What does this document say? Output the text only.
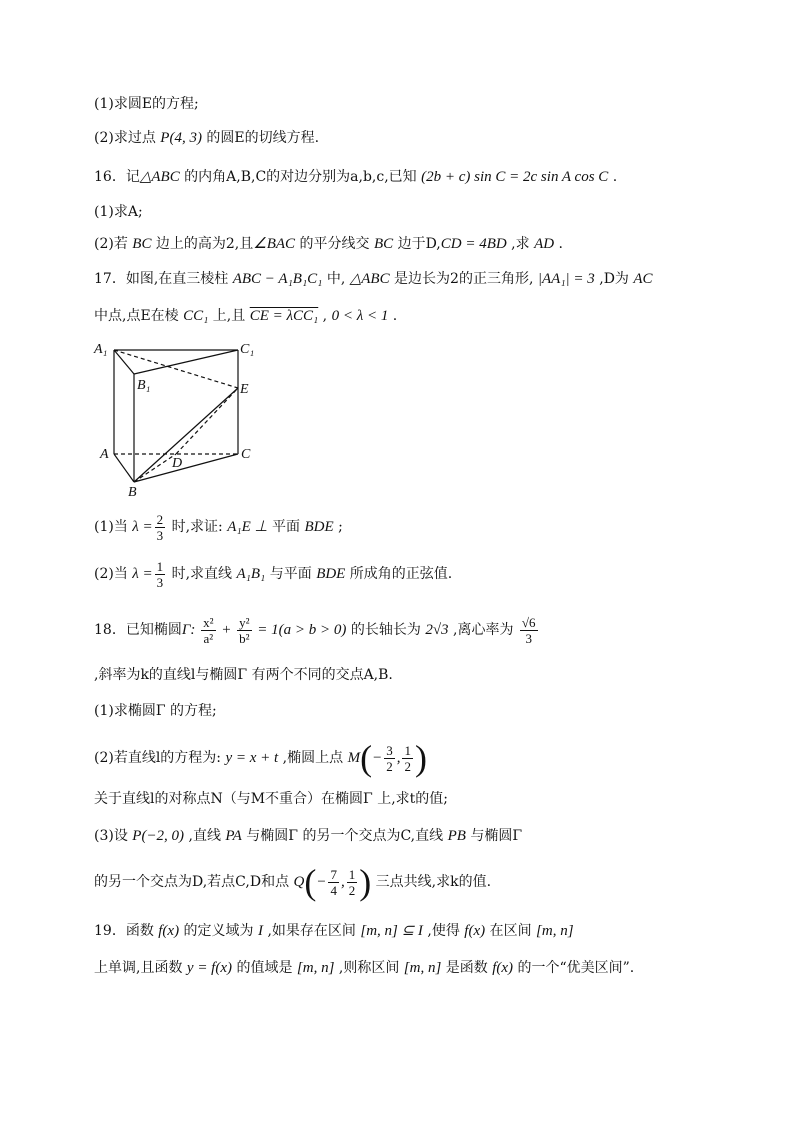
(1)求圆E的方程;
(2)求过点 P(4, 3) 的圆E的切线方程.
16．记△ABC 的内角A,B,C的对边分别为a,b,c,已知 (2b + c) sin C = 2c sin A cos C .
(1)求A;
(2)若 BC 边上的高为2,且∠BAC 的平分线交 BC 边于D,CD = 4BD ,求 AD .
17．如图,在直三棱柱 ABC − A₁B₁C₁ 中, △ABC 是边长为2的正三角形, |AA₁| = 3 ,D为 AC
中点,点E在棱 CC₁ 上,且 CE = λCC₁ , 0 < λ < 1 .
A₁	C₁
B₁	E
A	C
D
B
(1)当 $\lambda = \frac{2}{3}$ 时,求证: A₁E ⊥ 平面 BDE ;
(2)当 $\lambda = \frac{1}{3}$ 时,求直线 A₁B₁ 与平面 BDE 所成角的正弦值.
18．已知椭圆Γ: $\frac{\text{x²}}{\text{a²}} + \frac{\text{y²}}{\text{b²}} = 1(a > b > 0)$ 的长轴长为 2√3 ,离心率为 $\frac{√6}{3}$
,斜率为k的直线l与椭圆Γ 有两个不同的交点A,B.
(1)求椭圆Γ 的方程;
(2)若直线l的方程为: y = x + t ,椭圆上点 $M(- \frac{3}{2}$ , $\frac{1}{2}$ )
关于直线l的对称点N（与M不重合）在椭圆Γ 上,求t的值;
(3)设 P(−2, 0) ,直线 PA 与椭圆Γ 的另一个交点为C,直线 PB 与椭圆Γ
的另一个交点为D,若点C,D和点 $Q(- \frac{7}{4}$ , $\frac{1}{2}$ ) 三点共线,求k的值.
19．函数 f(x) 的定义域为 I ,如果存在区间 [m, n] ⊆ I ,使得 f(x) 在区间 [m, n]
上单调,且函数 y = f(x) 的值域是 [m, n] ,则称区间 [m, n] 是函数 f(x) 的一个“优美区间”.
